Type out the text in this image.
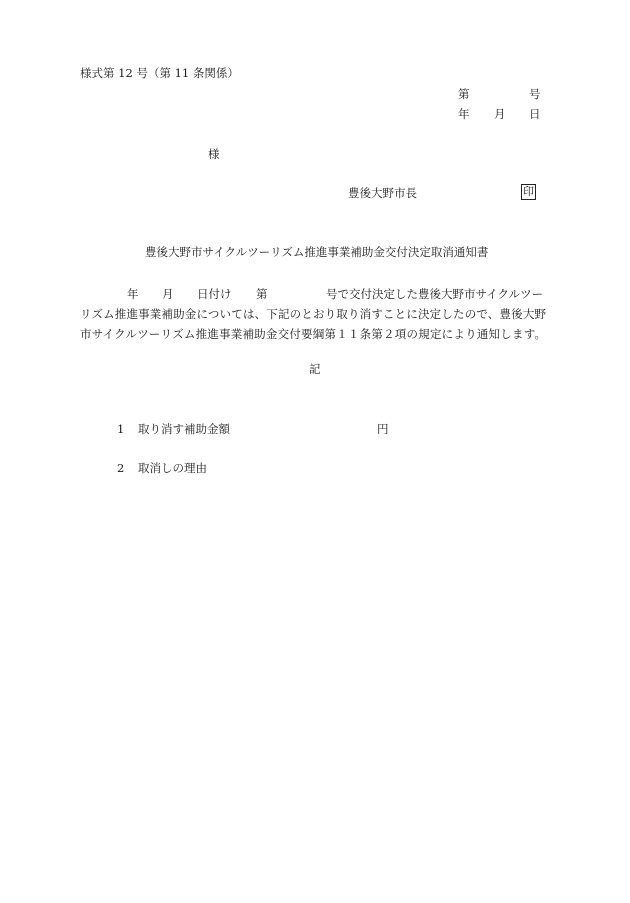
様式第 12 号（第 11 条関係）
第	号
年 月 日
様
豊後大野市長	印
豊後大野市サイクルツーリズム推進事業補助金交付決定取消通知書
年 月 日付け 第	号で交付決定した豊後大野市サイクルツー
リズム推進事業補助金については、下記のとおり取り消すことに決定したので、豊後大野
市サイクルツーリズム推進事業補助金交付要綱第１１条第２項の規定により通知します。
記
1 取り消す補助金額	円
2 取消しの理由
